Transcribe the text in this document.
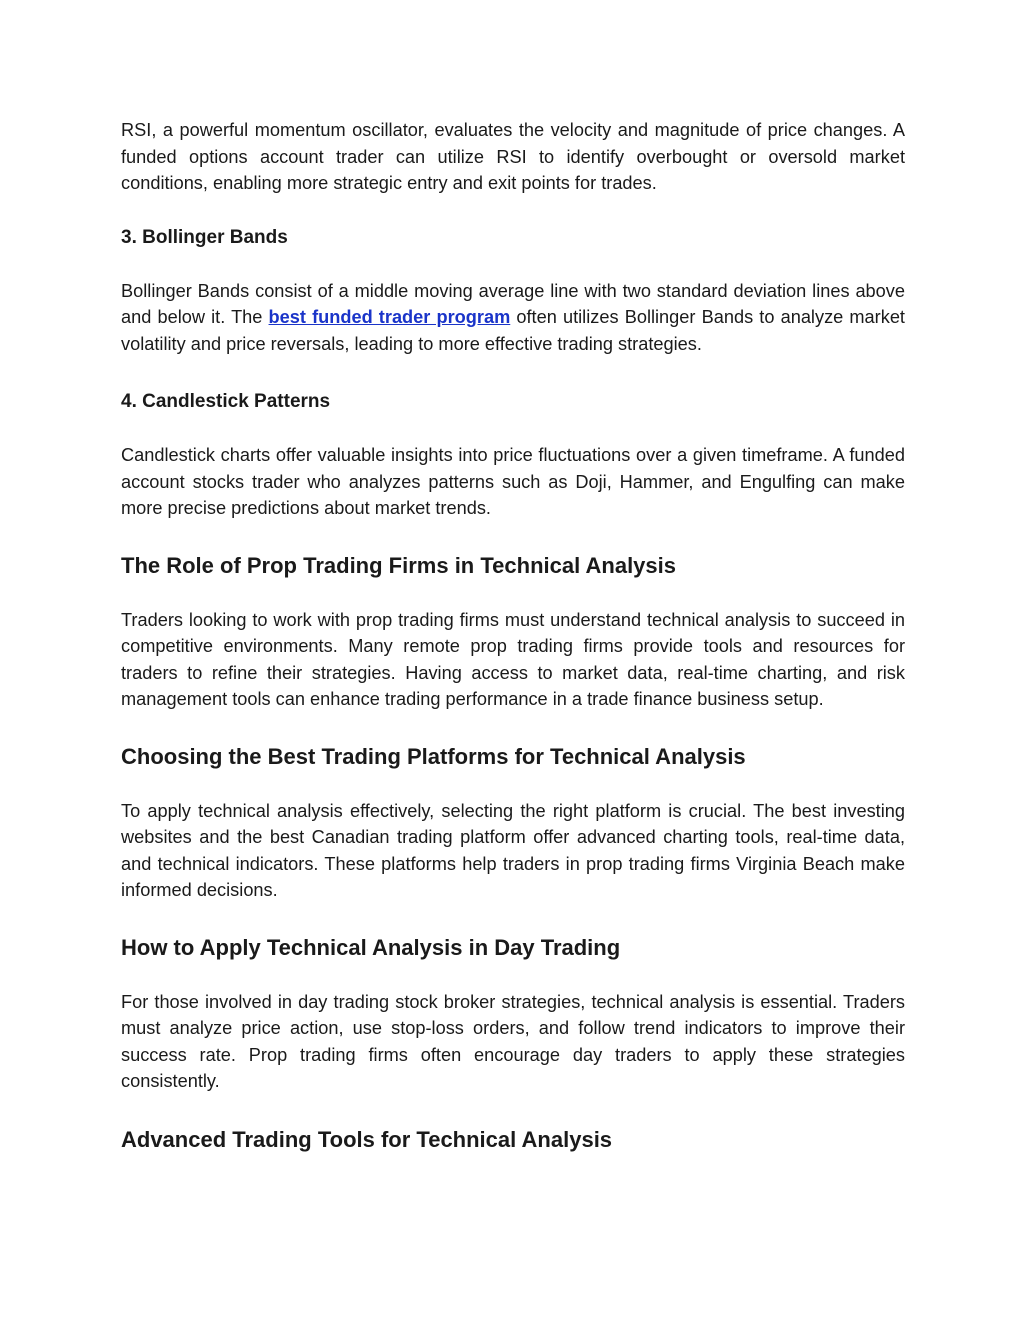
RSI, a powerful momentum oscillator, evaluates the velocity and magnitude of price changes. A funded options account trader can utilize RSI to identify overbought or oversold market conditions, enabling more strategic entry and exit points for trades.

3. Bollinger Bands

Bollinger Bands consist of a middle moving average line with two standard deviation lines above and below it. The best funded trader program often utilizes Bollinger Bands to analyze market volatility and price reversals, leading to more effective trading strategies.

4. Candlestick Patterns

Candlestick charts offer valuable insights into price fluctuations over a given timeframe. A funded account stocks trader who analyzes patterns such as Doji, Hammer, and Engulfing can make more precise predictions about market trends.

The Role of Prop Trading Firms in Technical Analysis

Traders looking to work with prop trading firms must understand technical analysis to succeed in competitive environments. Many remote prop trading firms provide tools and resources for traders to refine their strategies. Having access to market data, real-time charting, and risk management tools can enhance trading performance in a trade finance business setup.

Choosing the Best Trading Platforms for Technical Analysis

To apply technical analysis effectively, selecting the right platform is crucial. The best investing websites and the best Canadian trading platform offer advanced charting tools, real-time data, and technical indicators. These platforms help traders in prop trading firms Virginia Beach make informed decisions.

How to Apply Technical Analysis in Day Trading

For those involved in day trading stock broker strategies, technical analysis is essential. Traders must analyze price action, use stop-loss orders, and follow trend indicators to improve their success rate. Prop trading firms often encourage day traders to apply these strategies consistently.

Advanced Trading Tools for Technical Analysis
